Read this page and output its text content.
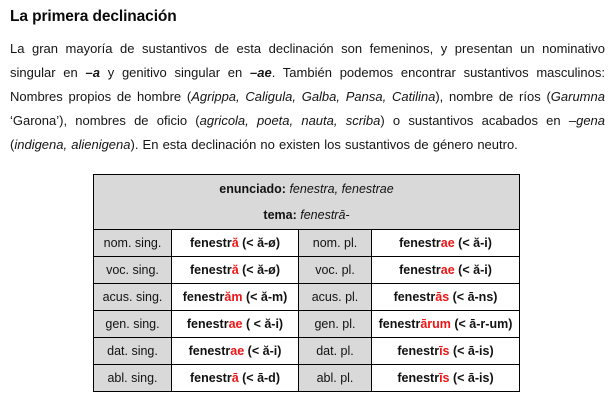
La primera declinación

La gran mayoría de sustantivos de esta declinación son femeninos, y presentan un nominativo singular en –a y genitivo singular en –ae. También podemos encontrar sustantivos masculinos: Nombres propios de hombre (Agrippa, Caligula, Galba, Pansa, Catilina), nombre de ríos (Garumna ‘Garona’), nombres de oficio (agricola, poeta, nauta, scriba) o sustantivos acabados en –gena (indigena, alienigena). En esta declinación no existen los sustantivos de género neutro.

enunciado: fenestra, fenestrae
tema: fenestrā-			

nom. sing.	fenestră (< ă-ø)	nom. pl.	fenestrae (< ă-i)
voc. sing.	fenestră (< ă-ø)	voc. pl.	fenestrae (< ă-i)
acus. sing.	fenestrăm (< ă-m)	acus. pl.	fenestrās (< ā-ns)
gen. sing.	fenestrae ( < ă-i)	gen. pl.	fenestrārum (< ā-r-um)
dat. sing.	fenestrae (< ă-i)	dat. pl.	fenestrīs (< ā-is)
abl. sing.	fenestrā (< ā-d)	abl. pl.	fenestrīs (< ā-is)
